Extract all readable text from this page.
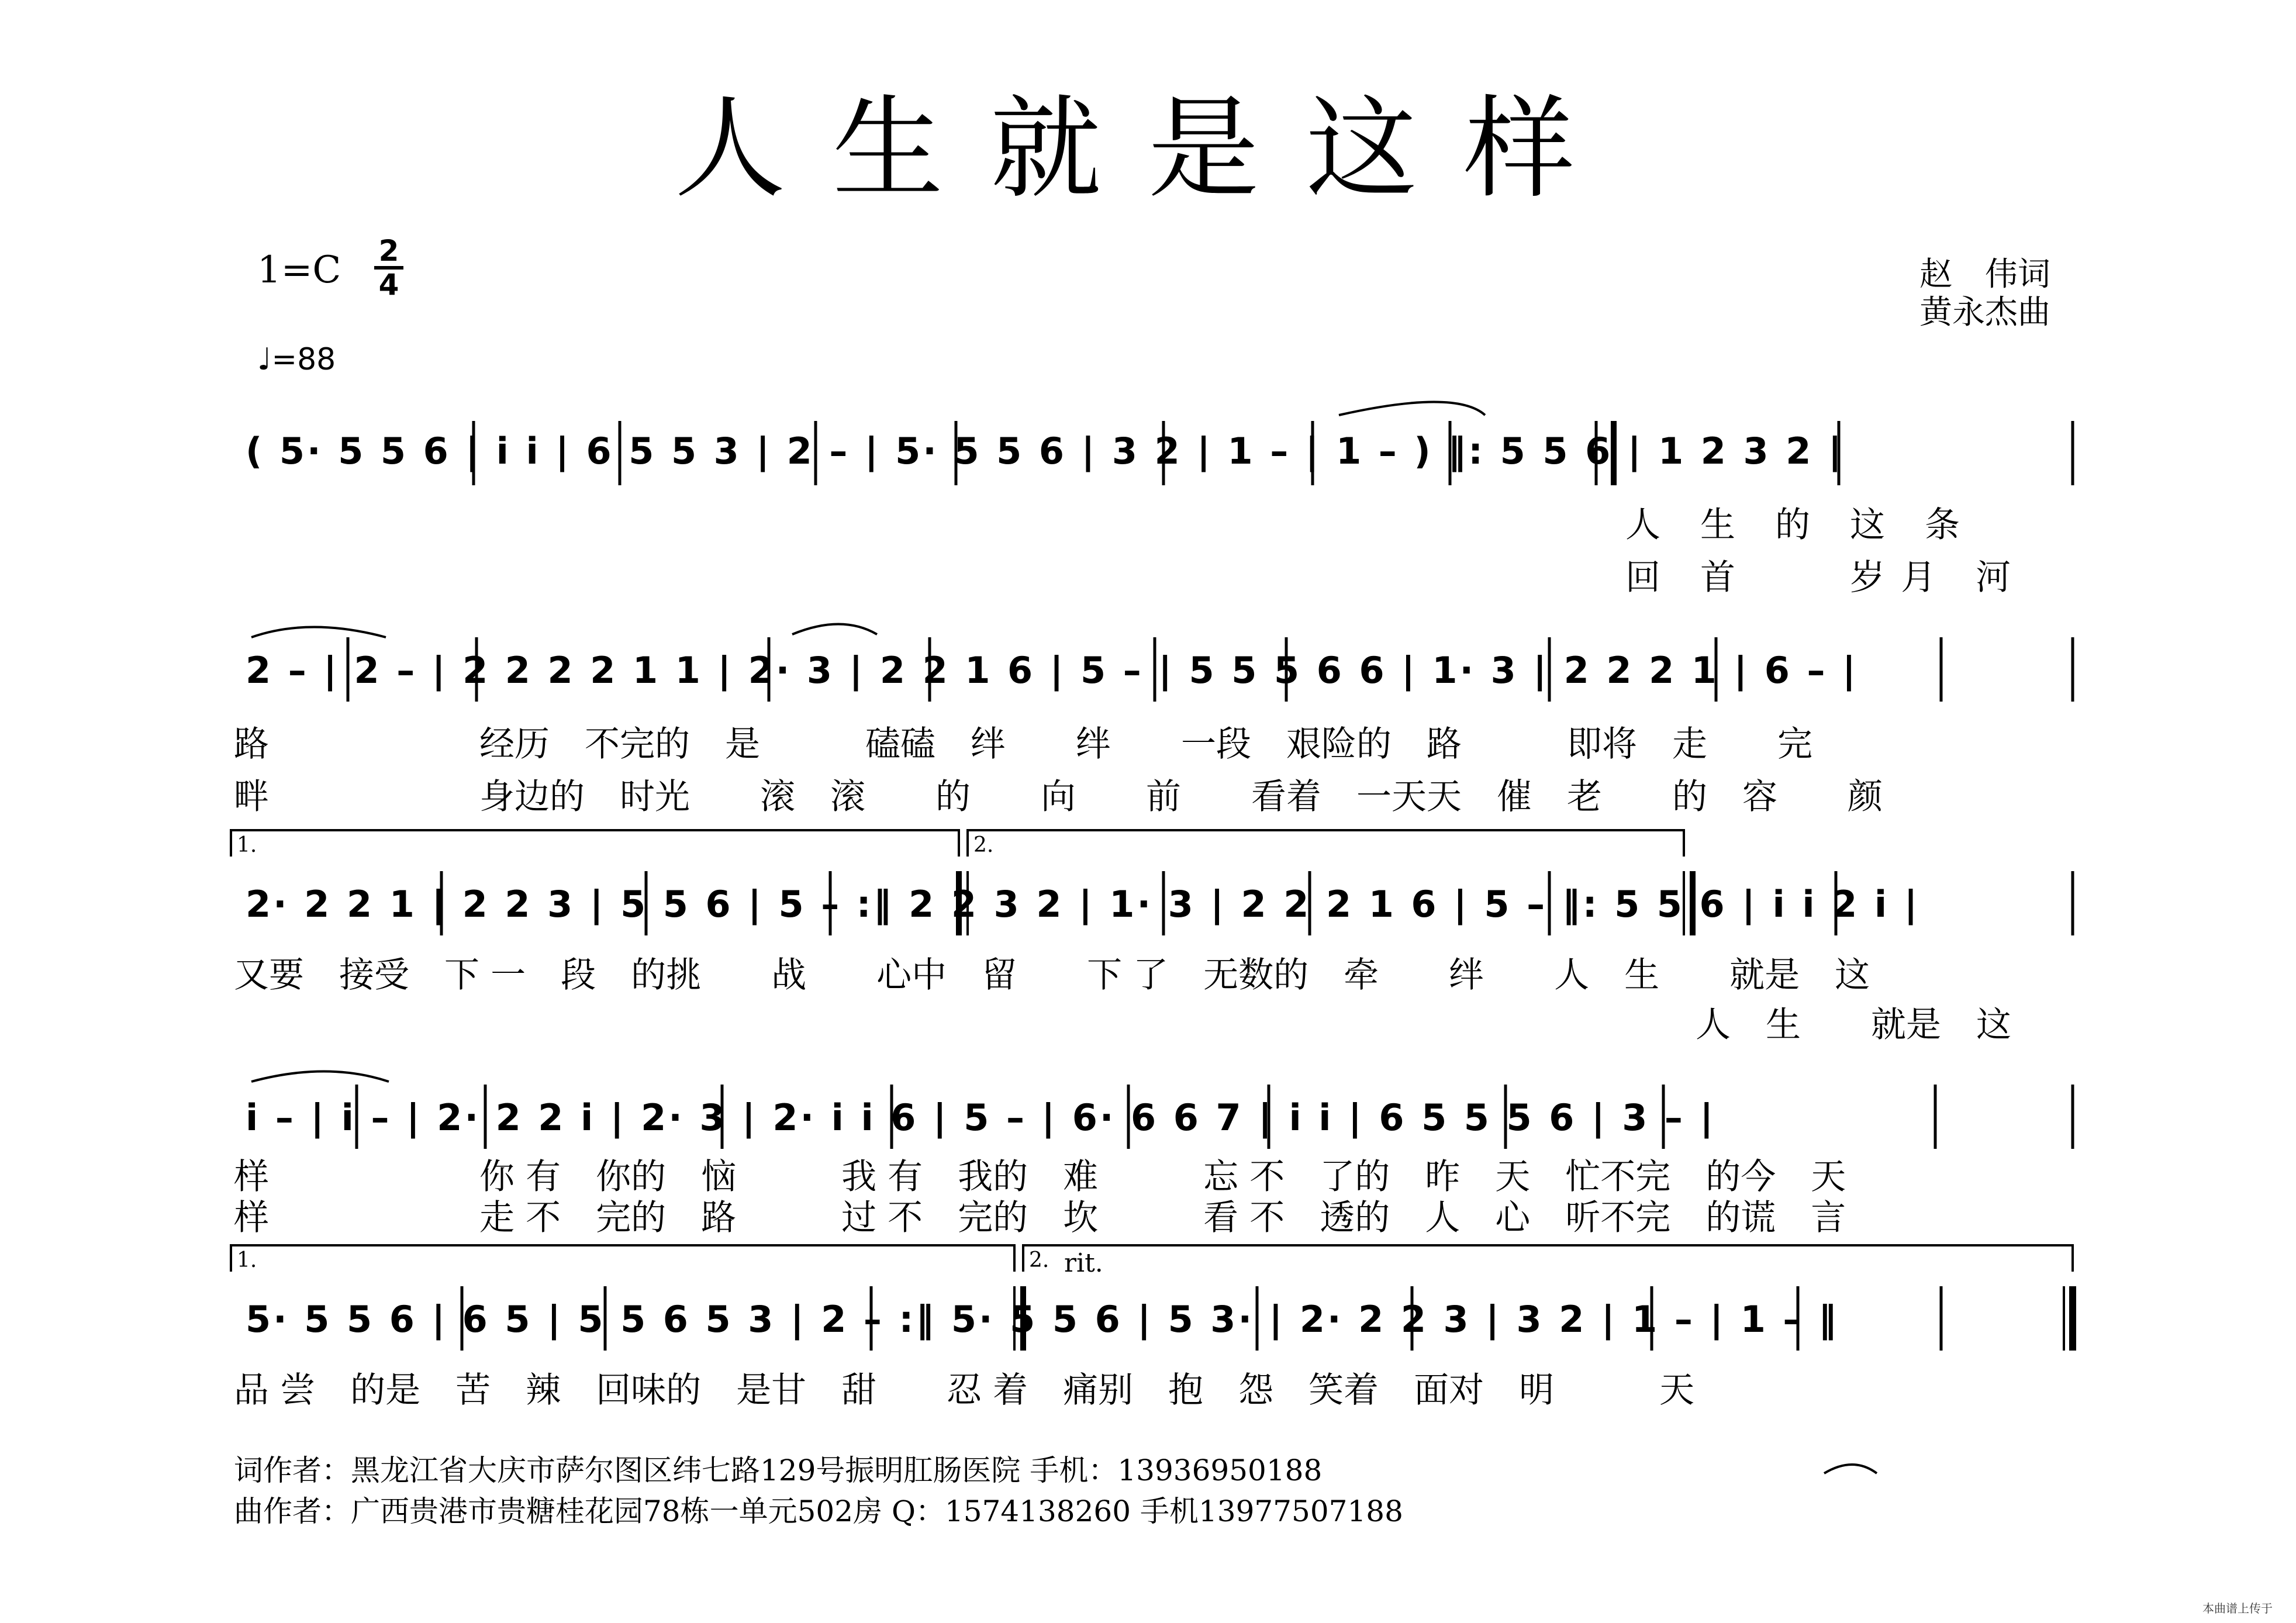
人生就是这样
1=C 2
4
♩=88
赵　伟词
黄永杰曲
1.	2.
1.	2. rit.
( 5· 5 5 6 | i i | 6 5 5 3 | 2 – | 5· 5 5 6 | 3 2 | 1 – | 1 – ) ‖: 5 5 6 | 1 2 3 2 |
人　生　的　这　条
回　首　　　岁 月　河
2 – | 2 – | 2 2 2 2 1 1 | 2· 3 | 2 2 1 6 | 5 – | 5 5 5 6 6 | 1· 3 | 2 2 2 1 | 6 – |
路　　　　　　经历　不完的　是　　　磕磕　绊　　绊　　一段　艰险的　路　　　即将　走　　完
畔　　　　　　身边的　时光　　滚　滚　　的　　向　　前　　看着　一天天　催　老　　的　容　　颜
2· 2 2 1 | 2 2 3 | 5 5 6 | 5 – :‖ 2 2 3 2 | 1· 3 | 2 2 2 1 6 | 5 – ‖: 5 5 6 | i i 2 i |
又要　接受　下 一　段　的挑　　战　　心中　留　　下 了　无数的　牵　　绊　　人　生　　就是　这
人　生　　就是　这
i – | i – | 2· 2 2 i | 2· 3 | 2· i i 6 | 5 – | 6· 6 6 7 | i i | 6 5 5 5 6 | 3 – |
样　　　　　　你 有　你的　恼　　　我 有　我的　难　　　忘 不　了的　昨　天　忙不完　的今　天
样　　　　　　走 不　完的　路　　　过 不　完的　坎　　　看 不　透的　人　心　听不完　的谎　言
5· 5 5 6 | 6 5 | 5 5 6 5 3 | 2 – :‖ 5· 5 5 6 | 5 3· | 2· 2 2 3 | 3 2 | 1 – | 1 – ‖
品 尝　的是　苦　辣　回味的　是甘　甜　　忍 着　痛别　抱　怨　笑着　面对　明　　　天
词作者：黑龙江省大庆市萨尔图区纬七路129号振明肛肠医院 手机：13936950188
曲作者：广西贵港市贵糖桂花园78栋一单元502房 Q：1574138260 手机13977507188
本曲谱上传于
